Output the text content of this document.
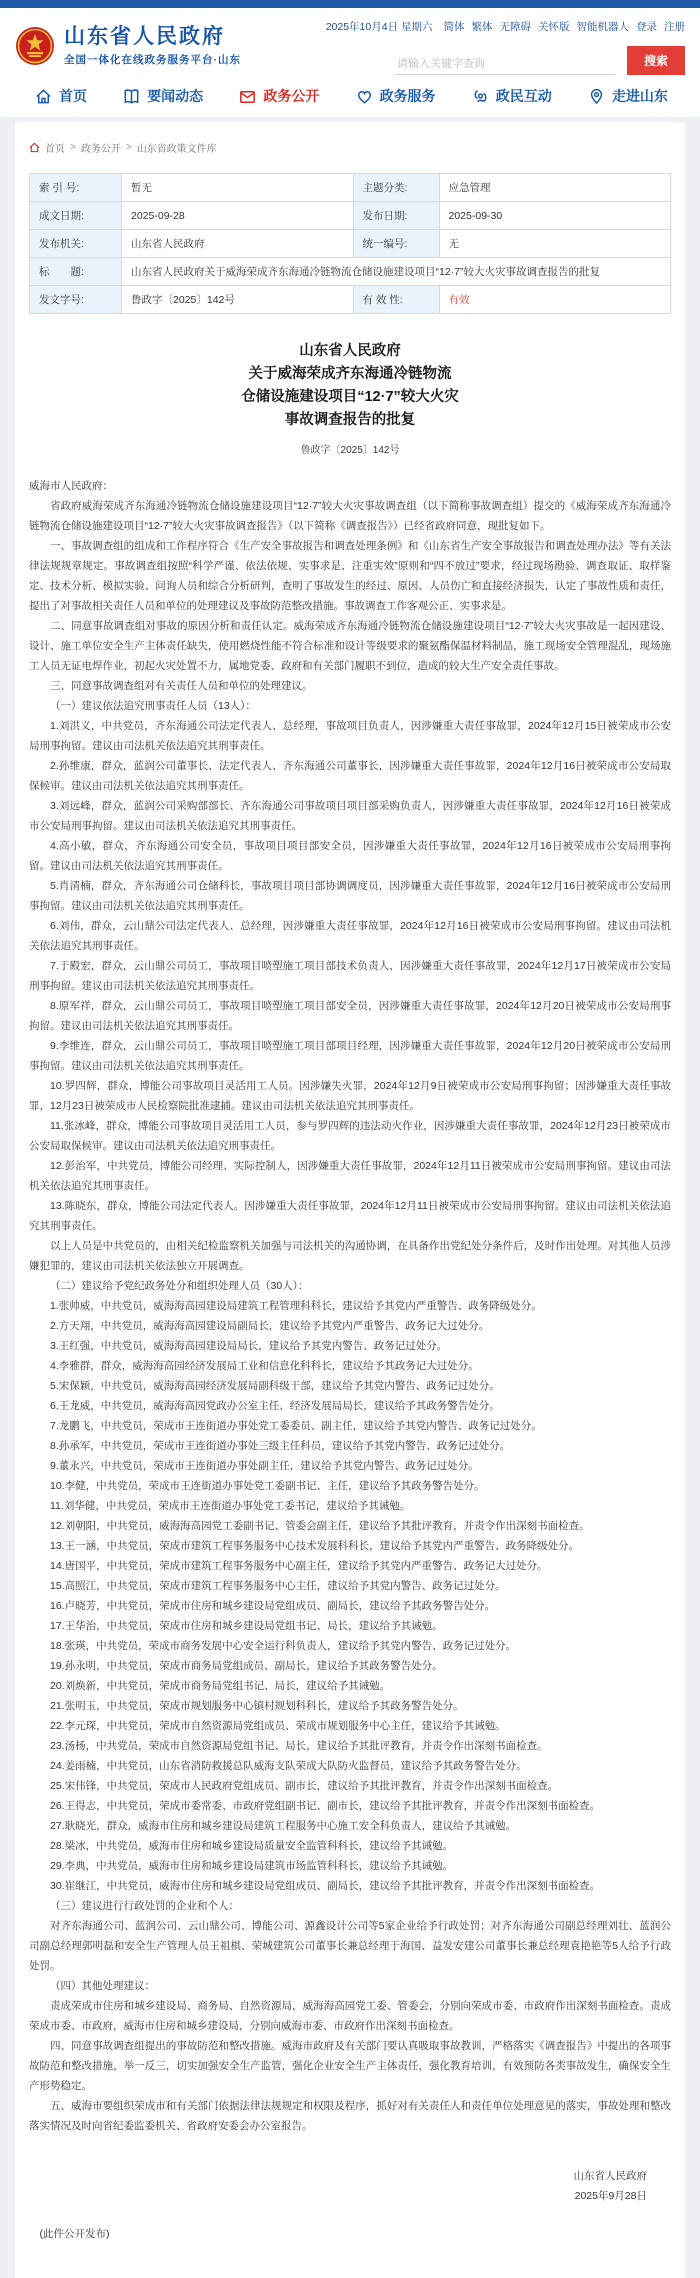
山东省人民政府
全国一体化在线政务服务平台·山东
2025年10月4日 星期六 简体 繁体 无障碍 关怀版 智能机器人 登录 注册
请输入关键字查询
搜索
首页	要闻动态	政务公开	政务服务	政民互动	走进山东
首页 > 政务公开 > 山东省政策文件库
索 引 号:	暂无	主题分类:	应急管理
成文日期:	2025-09-28	发布日期:	2025-09-30
发布机关:	山东省人民政府	统一编号:	无
标　　题:	山东省人民政府关于威海荣成齐东海通冷链物流仓储设施建设项目“12·7”较大火灾事故调查报告的批复		
发文字号:	鲁政字〔2025〕142号	有 效 性:	有效
山东省人民政府
关于威海荣成齐东海通冷链物流
仓储设施建设项目“12·7”较大火灾
事故调查报告的批复
鲁政字〔2025〕142号

威海市人民政府：

省政府威海荣成齐东海通冷链物流仓储设施建设项目“12·7”较大火灾事故调查组（以下简称事故调查组）提交的《威海荣成齐东海通冷链物流仓储设施建设项目“12·7”较大火灾事故调查报告》（以下简称《调查报告》）已经省政府同意，现批复如下。

一、事故调查组的组成和工作程序符合《生产安全事故报告和调查处理条例》和《山东省生产安全事故报告和调查处理办法》等有关法律法规规章规定。事故调查组按照“科学严谨、依法依规、实事求是、注重实效”原则和“四不放过”要求，经过现场勘验、调查取证、取样鉴定、技术分析、模拟实验、问询人员和综合分析研判，查明了事故发生的经过、原因、人员伤亡和直接经济损失，认定了事故性质和责任，提出了对事故相关责任人员和单位的处理建议及事故防范整改措施。事故调查工作客观公正、实事求是。

二、同意事故调查组对事故的原因分析和责任认定。威海荣成齐东海通冷链物流仓储设施建设项目“12·7”较大火灾事故是一起因建设、设计、施工单位安全生产主体责任缺失，使用燃烧性能不符合标准和设计等级要求的聚氨酯保温材料制品，施工现场安全管理混乱，现场施工人员无证电焊作业，初起火灾处置不力，属地党委、政府和有关部门履职不到位，造成的较大生产安全责任事故。

三、同意事故调查组对有关责任人员和单位的处理建议。

（一）建议依法追究刑事责任人员（13人）：

1.刘洪义，中共党员，齐东海通公司法定代表人、总经理，事故项目负责人，因涉嫌重大责任事故罪，2024年12月15日被荣成市公安局刑事拘留。建议由司法机关依法追究其刑事责任。

2.孙维康，群众，蓝润公司董事长、法定代表人、齐东海通公司董事长，因涉嫌重大责任事故罪，2024年12月16日被荣成市公安局取保候审。建议由司法机关依法追究其刑事责任。

3.刘远峰，群众，蓝润公司采购部部长、齐东海通公司事故项目项目部采购负责人，因涉嫌重大责任事故罪，2024年12月16日被荣成市公安局刑事拘留。建议由司法机关依法追究其刑事责任。

4.高小敏，群众，齐东海通公司安全员，事故项目项目部安全员，因涉嫌重大责任事故罪，2024年12月16日被荣成市公安局刑事拘留。建议由司法机关依法追究其刑事责任。

5.肖清楠，群众，齐东海通公司仓储科长，事故项目项目部协调调度员，因涉嫌重大责任事故罪，2024年12月16日被荣成市公安局刑事拘留。建议由司法机关依法追究其刑事责任。

6.刘伟，群众，云山鼎公司法定代表人、总经理，因涉嫌重大责任事故罪，2024年12月16日被荣成市公安局刑事拘留。建议由司法机关依法追究其刑事责任。

7.于殿宏，群众，云山鼎公司员工，事故项目喷塑施工项目部技术负责人，因涉嫌重大责任事故罪，2024年12月17日被荣成市公安局刑事拘留。建议由司法机关依法追究其刑事责任。

8.原军祥，群众，云山鼎公司员工，事故项目喷塑施工项目部安全员，因涉嫌重大责任事故罪，2024年12月20日被荣成市公安局刑事拘留。建议由司法机关依法追究其刑事责任。

9.李维连，群众，云山鼎公司员工，事故项目喷塑施工项目部项目经理，因涉嫌重大责任事故罪，2024年12月20日被荣成市公安局刑事拘留。建议由司法机关依法追究其刑事责任。

10.罗四辉，群众，博能公司事故项目灵活用工人员。因涉嫌失火罪，2024年12月9日被荣成市公安局刑事拘留；因涉嫌重大责任事故罪，12月23日被荣成市人民检察院批准逮捕。建议由司法机关依法追究其刑事责任。

11.张冰峰，群众，博能公司事故项目灵活用工人员，参与罗四辉的违法动火作业，因涉嫌重大责任事故罪，2024年12月23日被荣成市公安局取保候审。建议由司法机关依法追究刑事责任。

12.彭治军，中共党员，博能公司经理、实际控制人，因涉嫌重大责任事故罪，2024年12月11日被荣成市公安局刑事拘留。建议由司法机关依法追究其刑事责任。

13.陈晓东，群众，博能公司法定代表人。因涉嫌重大责任事故罪，2024年12月11日被荣成市公安局刑事拘留。建议由司法机关依法追究其刑事责任。

以上人员是中共党员的，由相关纪检监察机关加强与司法机关的沟通协调，在具备作出党纪处分条件后，及时作出处理。对其他人员涉嫌犯罪的，建议由司法机关依法独立开展调查。

（二）建议给予党纪政务处分和组织处理人员（30人）：

1.张帅威，中共党员，威海海高园建设局建筑工程管理科科长，建议给予其党内严重警告、政务降级处分。

2.方天翔，中共党员，威海海高园建设局副局长，建议给予其党内严重警告、政务记大过处分。

3.王红强，中共党员，威海海高园建设局局长，建议给予其党内警告、政务记过处分。

4.李雅群，群众，威海海高园经济发展局工业和信息化科科长，建议给予其政务记大过处分。

5.宋保颖，中共党员，威海海高园经济发展局副科级干部，建议给予其党内警告、政务记过处分。

6.王龙威，中共党员，威海海高园党政办公室主任、经济发展局局长，建议给予其政务警告处分。

7.龙鹏飞，中共党员，荣成市王连街道办事处党工委委员、副主任，建议给予其党内警告、政务记过处分。

8.孙承军，中共党员，荣成市王连街道办事处三级主任科员，建议给予其党内警告、政务记过处分。

9.董永兴，中共党员，荣成市王连街道办事处副主任，建议给予其党内警告、政务记过处分。

10.李健，中共党员，荣成市王连街道办事处党工委副书记、主任，建议给予其政务警告处分。

11.刘华健，中共党员，荣成市王连街道办事处党工委书记，建议给予其诫勉。

12.刘朝阳，中共党员，威海海高园党工委副书记、管委会副主任，建议给予其批评教育，并责令作出深刻书面检查。

13.王一涵，中共党员，荣成市建筑工程事务服务中心技术发展科科长，建议给予其党内严重警告、政务降级处分。

14.唐国平，中共党员，荣成市建筑工程事务服务中心副主任，建议给予其党内严重警告、政务记大过处分。

15.高照江，中共党员，荣成市建筑工程事务服务中心主任，建议给予其党内警告、政务记过处分。

16.卢晓芳，中共党员，荣成市住房和城乡建设局党组成员、副局长，建议给予其政务警告处分。

17.王华治，中共党员，荣成市住房和城乡建设局党组书记、局长，建议给予其诫勉。

18.张瑛，中共党员，荣成市商务发展中心安全运行科负责人，建议给予其党内警告、政务记过处分。

19.孙永明，中共党员，荣成市商务局党组成员、副局长，建议给予其政务警告处分。

20.刘焕新，中共党员，荣成市商务局党组书记、局长，建议给予其诫勉。

21.张明玉，中共党员，荣成市规划服务中心镇村规划科科长，建议给予其政务警告处分。

22.李元琛，中共党员，荣成市自然资源局党组成员、荣成市规划服务中心主任，建议给予其诫勉。

23.汤杨，中共党员，荣成市自然资源局党组书记、局长，建议给予其批评教育，并责令作出深刻书面检查。

24.姜雨楠，中共党员，山东省消防救援总队威海支队荣成大队防火监督员，建议给予其政务警告处分。

25.宋伟锋，中共党员，荣成市人民政府党组成员、副市长，建议给予其批评教育，并责令作出深刻书面检查。

26.王得志，中共党员，荣成市委常委、市政府党组副书记、副市长，建议给予其批评教育，并责令作出深刻书面检查。

27.耿晓光，群众，威海市住房和城乡建设局建筑工程服务中心施工安全科负责人，建议给予其诫勉。

28.梁冰，中共党员，威海市住房和城乡建设局质量安全监管科科长，建议给予其诫勉。

29.李典，中共党员，威海市住房和城乡建设局建筑市场监管科科长，建议给予其诫勉。

30.崔继江，中共党员，威海市住房和城乡建设局党组成员、副局长，建议给予其批评教育，并责令作出深刻书面检查。

（三）建议进行行政处罚的企业和个人：

对齐东海通公司、蓝润公司、云山鼎公司、博能公司、源鑫设计公司等5家企业给予行政处罚；对齐东海通公司副总经理刘壮、蓝润公司副总经理郭明磊和安全生产管理人员王祖棋、荣城建筑公司董事长兼总经理于海国、益发安建公司董事长兼总经理袁艳艳等5人给予行政处罚。

（四）其他处理建议：

责成荣成市住房和城乡建设局、商务局、自然资源局，威海海高园党工委、管委会，分别向荣成市委、市政府作出深刻书面检查。责成荣成市委、市政府，威海市住房和城乡建设局，分别向威海市委、市政府作出深刻书面检查。

四、同意事故调查组提出的事故防范和整改措施。威海市政府及有关部门要认真吸取事故教训，严格落实《调查报告》中提出的各项事故防范和整改措施，举一反三，切实加强安全生产监管，强化企业安全生产主体责任，强化教育培训，有效预防各类事故发生，确保安全生产形势稳定。

五、威海市要组织荣成市和有关部门依据法律法规规定和权限及程序，抓好对有关责任人和责任单位处理意见的落实，事故处理和整改落实情况及时向省纪委监委机关、省政府安委会办公室报告。

山东省人民政府

2025年9月28日

(此件公开发布)
